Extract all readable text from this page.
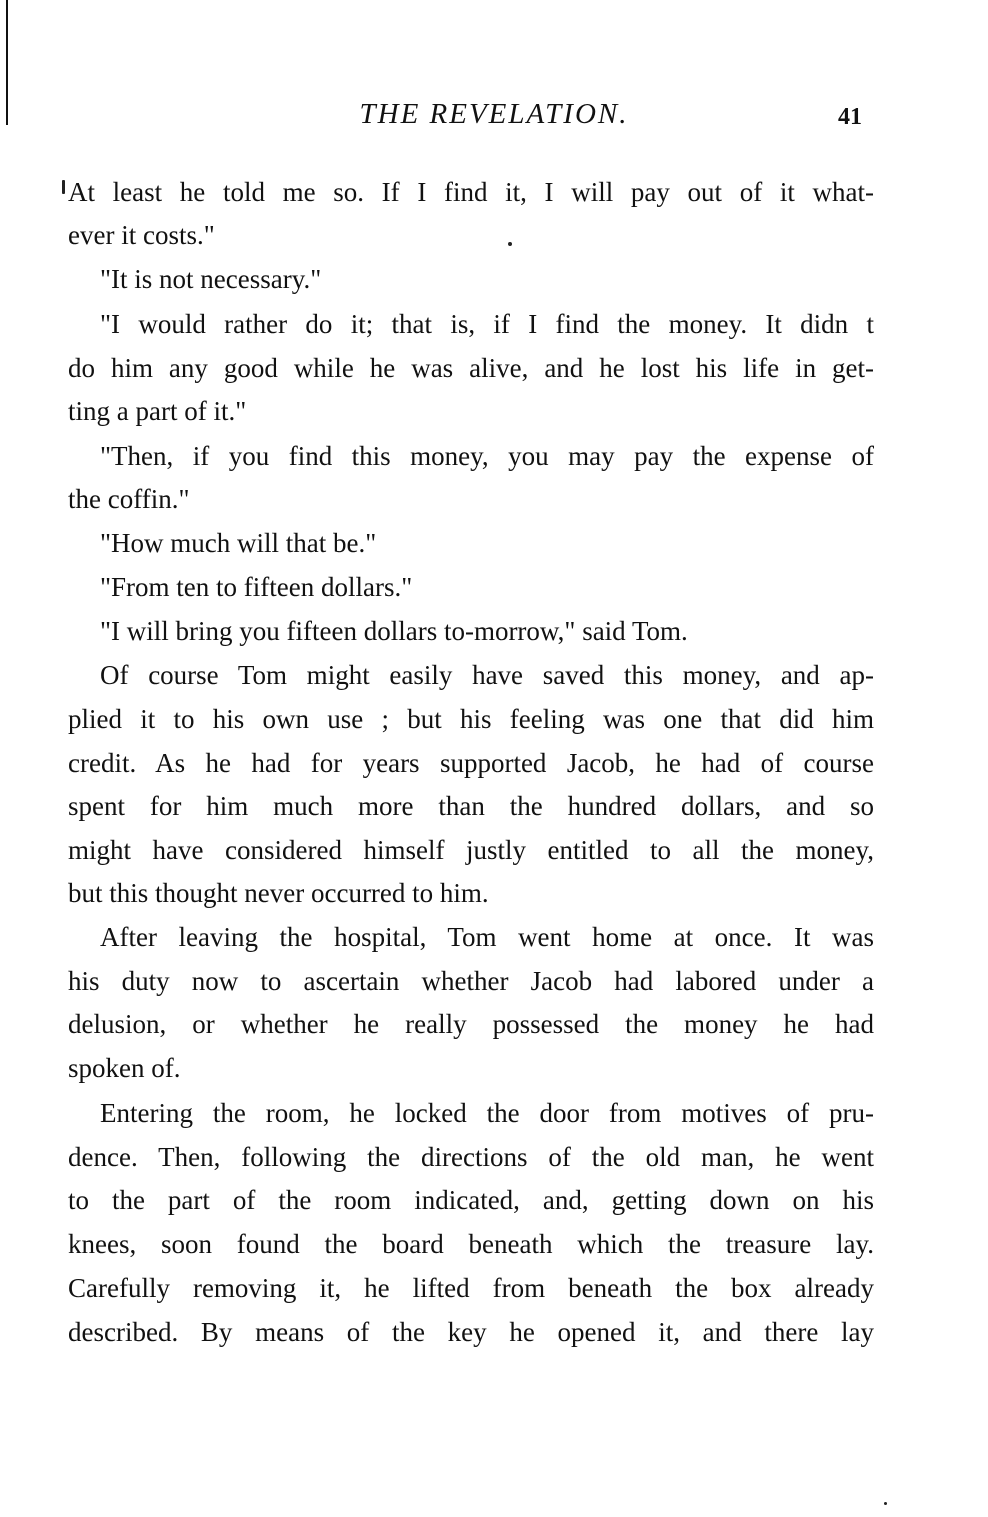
THE REVELATION.	41
At least he told me so. If I find it, I will pay out of it what-
ever it costs."
"It is not necessary."
"I would rather do it; that is, if I find the money. It didn t
do him any good while he was alive, and he lost his life in get-
ting a part of it."
"Then, if you find this money, you may pay the expense of
the coffin."
"How much will that be."
"From ten to fifteen dollars."
"I will bring you fifteen dollars to-morrow," said Tom.
Of course Tom might easily have saved this money, and ap-
plied it to his own use ; but his feeling was one that did him
credit. As he had for years supported Jacob, he had of course
spent for him much more than the hundred dollars, and so
might have considered himself justly entitled to all the money,
but this thought never occurred to him.
After leaving the hospital, Tom went home at once. It was
his duty now to ascertain whether Jacob had labored under a
delusion, or whether he really possessed the money he had
spoken of.
Entering the room, he locked the door from motives of pru-
dence. Then, following the directions of the old man, he went
to the part of the room indicated, and, getting down on his
knees, soon found the board beneath which the treasure lay.
Carefully removing it, he lifted from beneath the box already
described. By means of the key he opened it, and there lay
